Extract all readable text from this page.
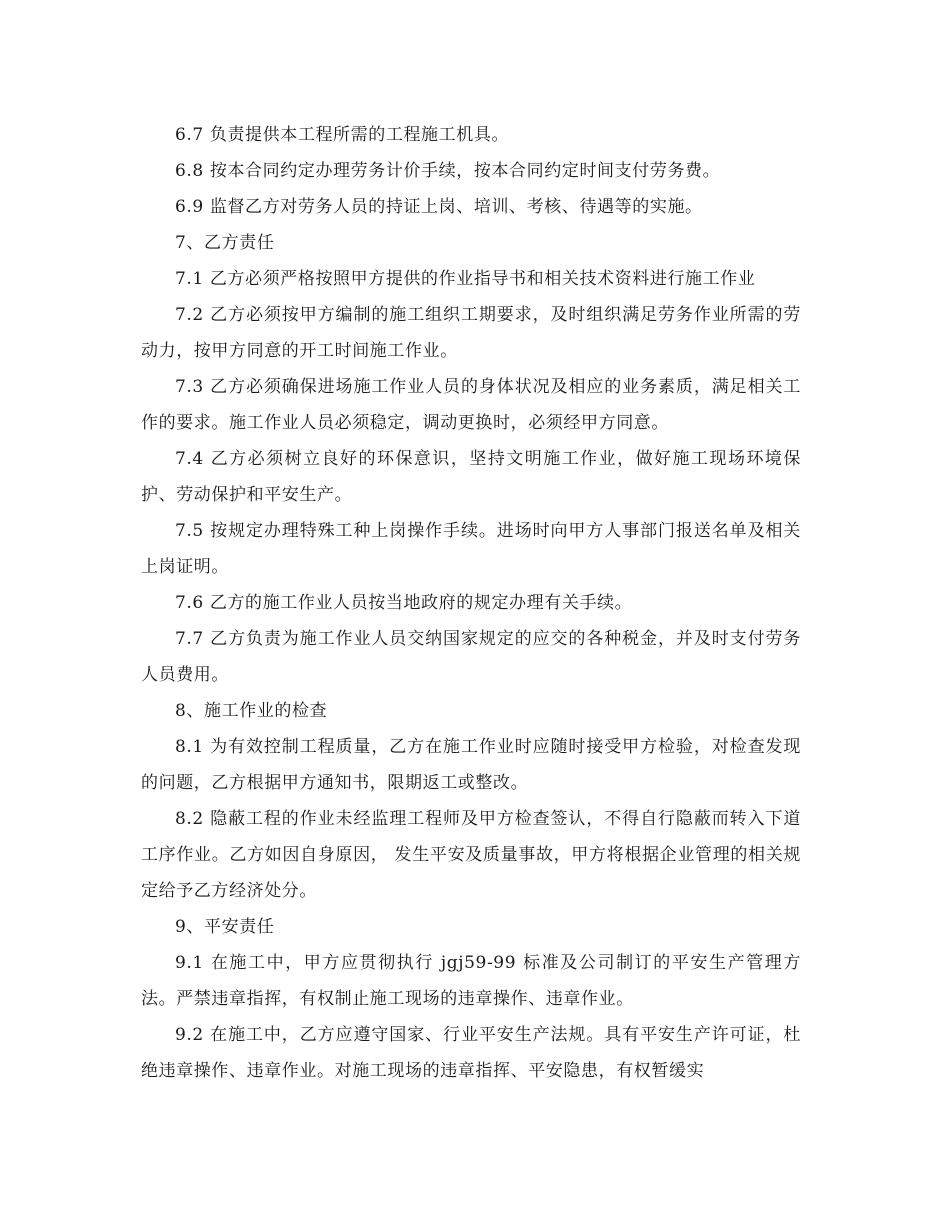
6.7 负责提供本工程所需的工程施工机具。

6.8 按本合同约定办理劳务计价手续，按本合同约定时间支付劳务费。

6.9 监督乙方对劳务人员的持证上岗、培训、考核、待遇等的实施。

7、乙方责任

7.1 乙方必须严格按照甲方提供的作业指导书和相关技术资料进行施工作业

7.2 乙方必须按甲方编制的施工组织工期要求，及时组织满足劳务作业所需的劳动力，按甲方同意的开工时间施工作业。

7.3 乙方必须确保进场施工作业人员的身体状况及相应的业务素质，满足相关工作的要求。施工作业人员必须稳定，调动更换时，必须经甲方同意。

7.4 乙方必须树立良好的环保意识，坚持文明施工作业，做好施工现场环境保护、劳动保护和平安生产。

7.5 按规定办理特殊工种上岗操作手续。进场时向甲方人事部门报送名单及相关上岗证明。

7.6 乙方的施工作业人员按当地政府的规定办理有关手续。

7.7 乙方负责为施工作业人员交纳国家规定的应交的各种税金，并及时支付劳务人员费用。

8、施工作业的检查

8.1 为有效控制工程质量，乙方在施工作业时应随时接受甲方检验，对检查发现的问题，乙方根据甲方通知书，限期返工或整改。

8.2 隐蔽工程的作业未经监理工程师及甲方检查签认，不得自行隐蔽而转入下道工序作业。乙方如因自身原因， 发生平安及质量事故，甲方将根据企业管理的相关规定给予乙方经济处分。

9、平安责任

9.1 在施工中，甲方应贯彻执行 jgj59-99 标准及公司制订的平安生产管理方法。严禁违章指挥，有权制止施工现场的违章操作、违章作业。

9.2 在施工中，乙方应遵守国家、行业平安生产法规。具有平安生产许可证，杜绝违章操作、违章作业。对施工现场的违章指挥、平安隐患，有权暂缓实
